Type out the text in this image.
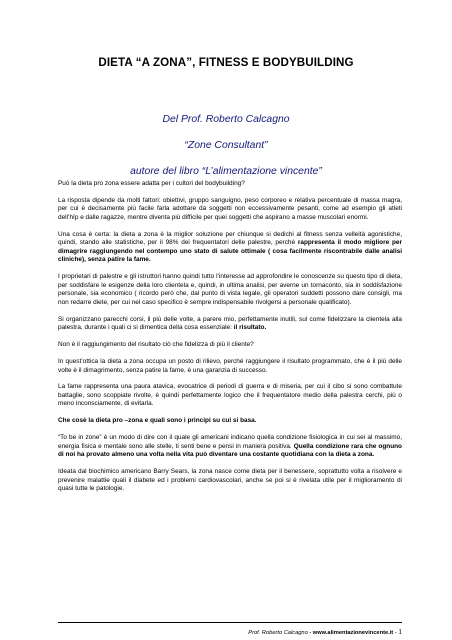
DIETA “A ZONA”, FITNESS E BODYBUILDING
Del Prof. Roberto Calcagno
“Zone Consultant”
autore del libro “L’alimentazione vincente”

Può la dieta pro zona essere adatta per i cultori del bodybuilding?

La risposta dipende da molti fattori: obiettivi, gruppo sanguigno, peso corporeo e relativa percentuale di massa magra, per cui è decisamente più facile farla adottare da soggetti non eccessivamente pesanti, come ad esempio gli atleti dell’hïp e dalle ragazze, mentre diventa più difficile per quei soggetti che aspirano a masse muscolari enormi.

Una cosa è certa: la dieta a zona è la miglior soluzione per chiunque si dedichi al fitness senza velleità agonistiche, quindi, stando alle statistiche, per il 98% dei frequentatori delle palestre, perché rappresenta il modo migliore per dimagrire raggiungendo nel contempo uno stato di salute ottimale ( cosa facilmente riscontrabile dalle analisi cliniche), senza patire la fame.

I proprietari di palestre e gli istruttori hanno quindi tutto l’interesse ad approfondire le conoscenze su questo tipo di dieta, per soddisfare le esigenze della loro clientela e, quindi, in ultima analisi, per averne un tornaconto, sia in soddisfazione personale, sia economico ( ricordo però che, dal punto di vista legale, gli operatori suddetti possono dare consigli, ma non redarre diete, per cui nel caso specifico è sempre indispensabile rivolgersi a personale qualificato).

Si organizzano parecchi corsi, il più delle volte, a parere mio, perfettamente inutili, sul come fidelizzare la clientela alla palestra, durante i quali ci si dimentica della cosa essenziale: il risultato.

Non è il raggiungimento del risultato ciò che fidelizza di più il cliente?

In quest’ottica la dieta a zona occupa un posto di rilievo, perché raggiungere il risultato programmato, che è il più delle volte è il dimagrimento, senza patire la fame, è una garanzia di successo.

La fame rappresenta una paura atavica, evocatrice di periodi di guerra e di miseria, per cui il cibo si sono combattute battaglie, sono scoppiate rivolte, è quindi perfettamente logico che il frequentatore medio della palestra cerchi, più o meno inconsciamente, di evitarla.

Che cosè la dieta pro –zona e quali sono i principi su cui si basa.

“To be in zone” è un modo di dire con il quale gli americani indicano quella condizione fisiologica in cui sei al massimo, energia fisica e mentale sono alle stelle, ti senti bene e pensi in maniera positiva. Quella condizione rara che ognuno di noi ha provato almeno una volta nella vita può diventare una costante quotidiana con la dieta a zona.

Ideata dal biochimico americano Barry Sears, la zona nasce come dieta per il benessere, soprattutto volta a risolvere e prevenire malattie quali il diabete ed i problemi cardiovascolari, anche se poi si è rivelata utile per il miglioramento di quasi tutte le patologie.

Prof. Roberto Calcagno - www.alimentazionevincente.it - 1
